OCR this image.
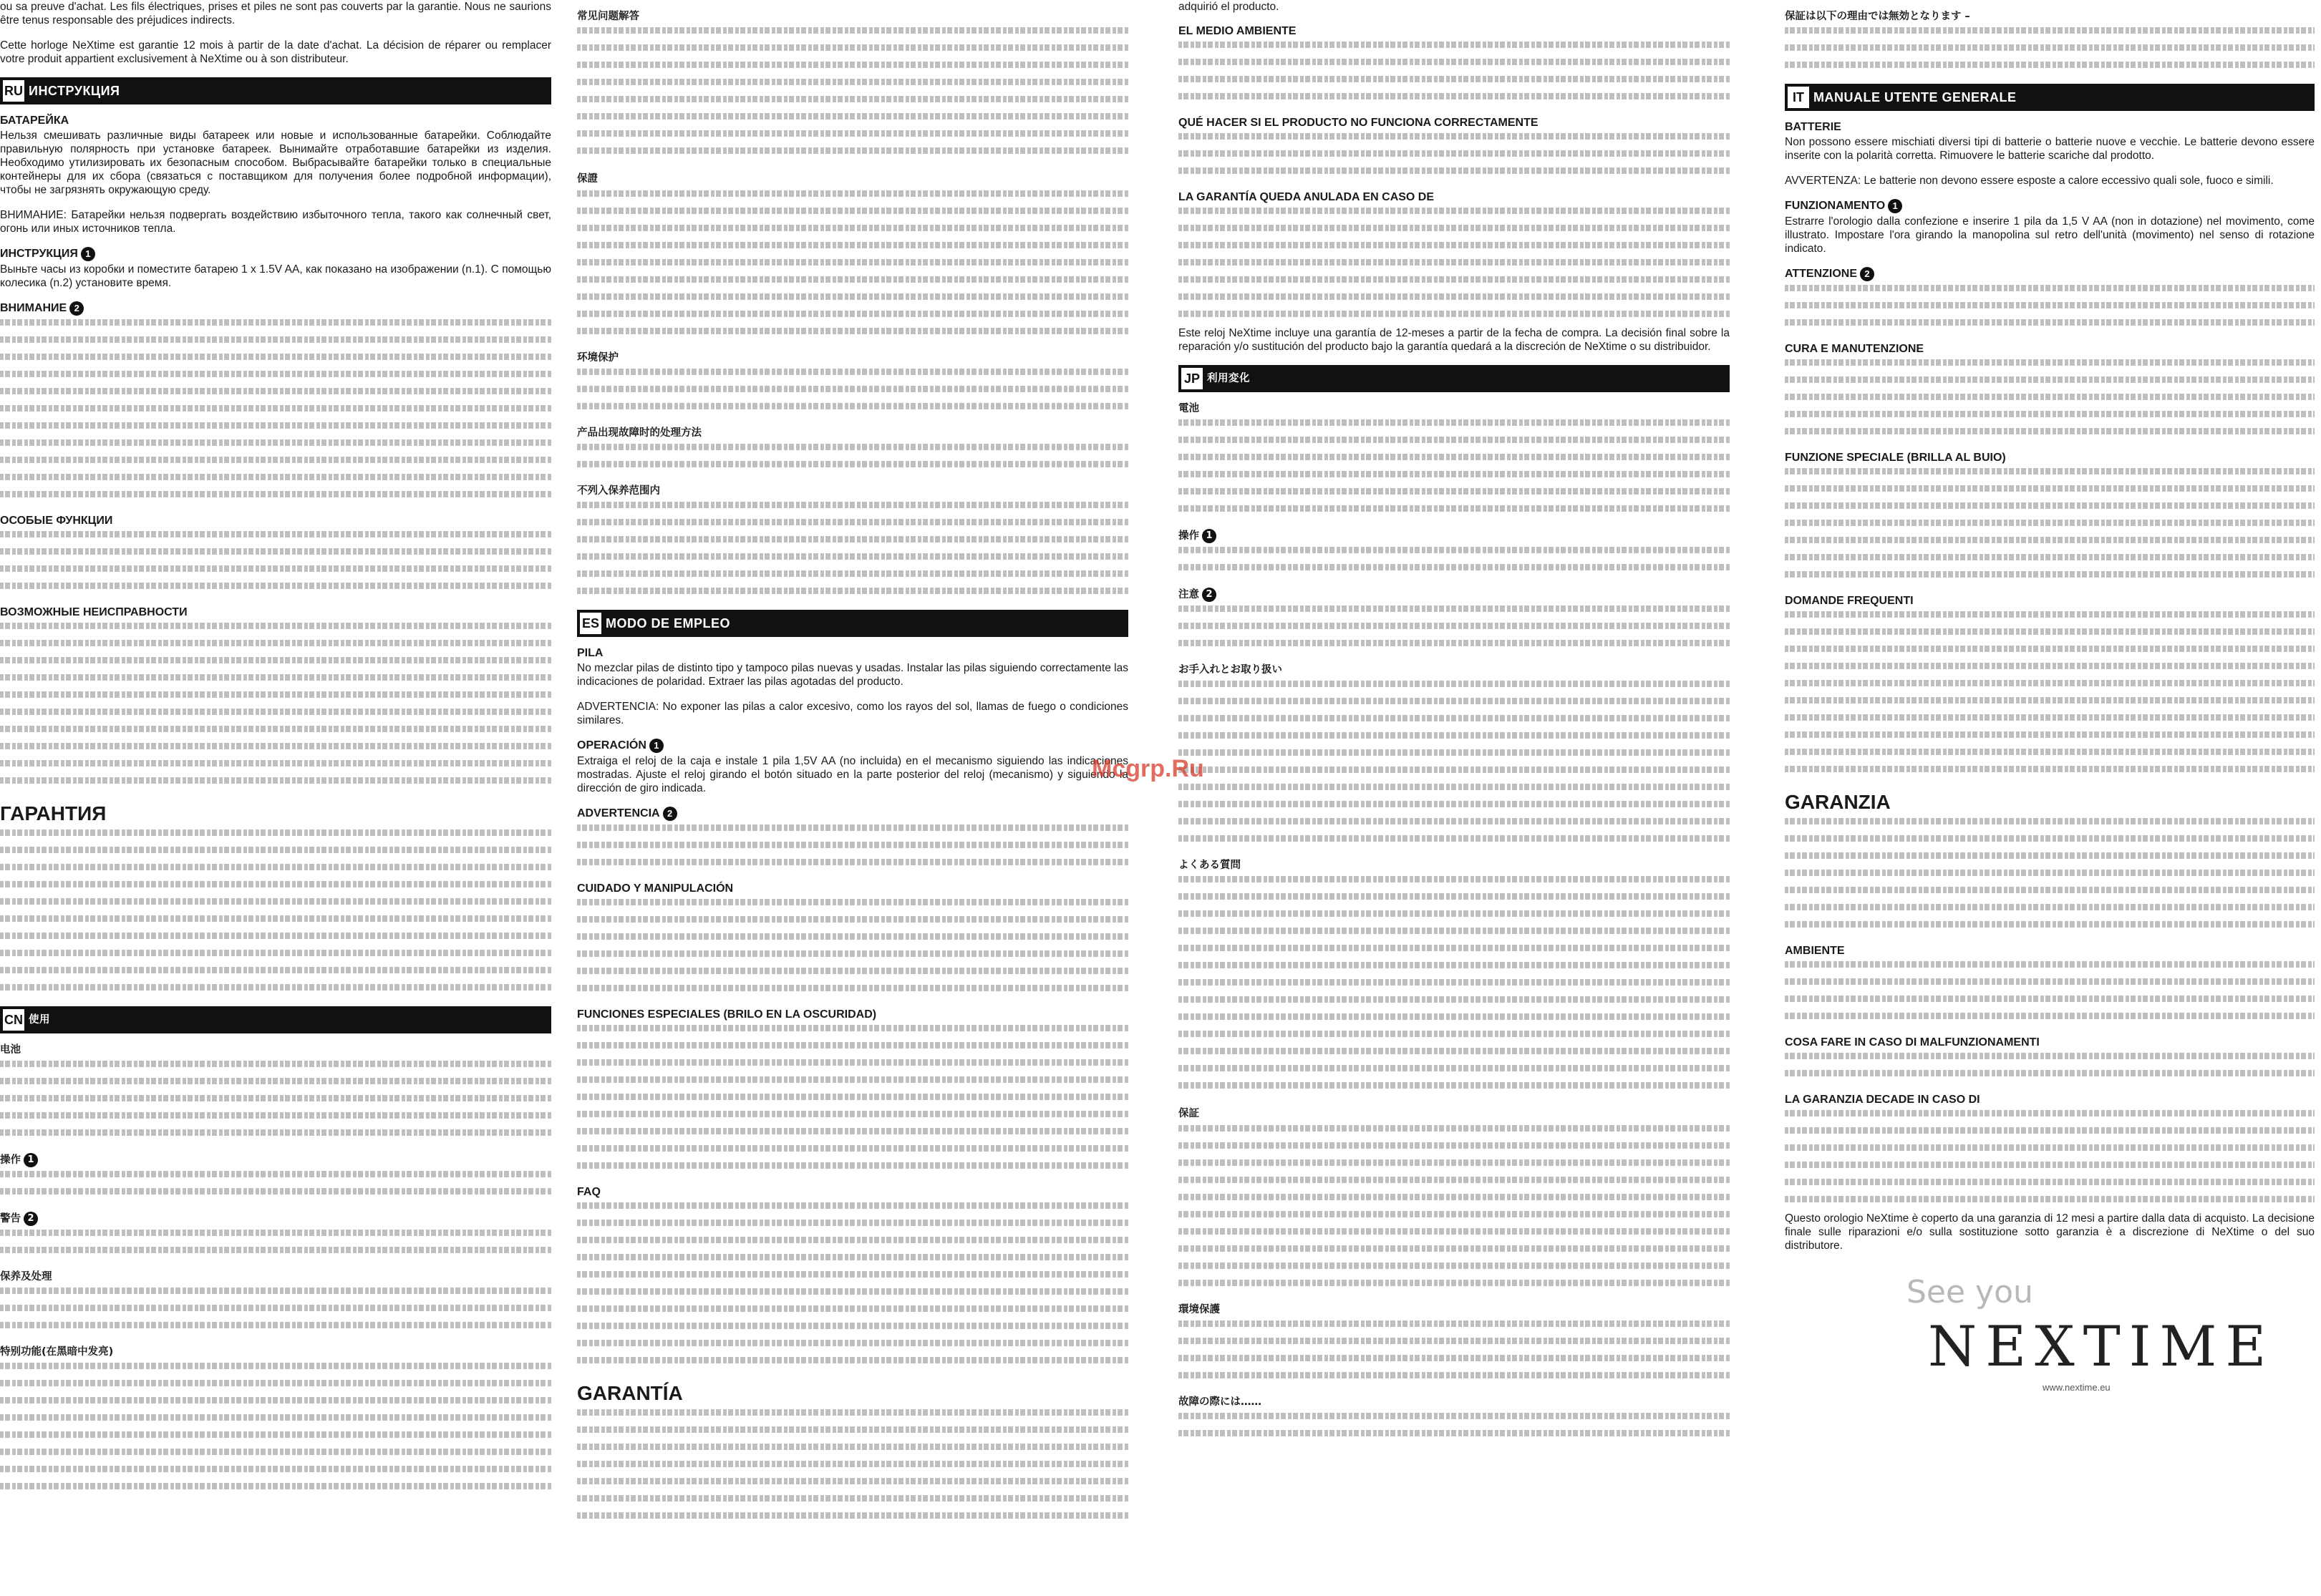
ou sa preuve d'achat. Les fils électriques, prises et piles ne sont pas couverts par la garantie. Nous ne saurions être tenus responsable des préjudices indirects.

Cette horloge NeXtime est garantie 12 mois à partir de la date d'achat. La décision de réparer ou remplacer votre produit appartient exclusivement à NeXtime ou à son distributeur.

RU ИНСТРУКЦИЯ
БАТАРЕЙКА

Нельзя смешивать различные виды батареек или новые и использованные батарейки. Соблюдайте правильную полярность при установке батареек. Вынимайте отработавшие батарейки из изделия. Необходимо утилизировать их безопасным способом. Выбрасывайте батарейки только в специальные контейнеры для их сбора (связаться с поставщиком для получения более подробной информации), чтобы не загрязнять окружающую среду.

ВНИМАНИЕ: Батарейки нельзя подвергать воздействию избыточного тепла, такого как солнечный свет, огонь или иных источников тепла.

ИНСТРУКЦИЯ 1

Выньте часы из коробки и поместите батарею 1 x 1.5V AA, как показано на изображении (n.1). С помощью колесика (n.2) установите время.

ВНИМАНИЕ 2
ОСОБЫЕ ФУНКЦИИ
ВОЗМОЖНЫЕ НЕИСПРАВНОСТИ
ГАРАНТИЯ
CN 使用
电池
操作 1
警告 2
保养及处理
特别功能(在黑暗中发亮)
常见问题解答
保證
环境保护
产品出现故障时的处理方法
不列入保养范围内
ES MODO DE EMPLEO
PILA

No mezclar pilas de distinto tipo y tampoco pilas nuevas y usadas. Instalar las pilas siguiendo correctamente las indicaciones de polaridad. Extraer las pilas agotadas del producto.

ADVERTENCIA: No exponer las pilas a calor excesivo, como los rayos del sol, llamas de fuego o condiciones similares.

OPERACIÓN 1

Extraiga el reloj de la caja e instale 1 pila 1,5V AA (no incluida) en el mecanismo siguiendo las indicaciones mostradas. Ajuste el reloj girando el botón situado en la parte posterior del reloj (mecanismo) y siguiendo la dirección de giro indicada.

ADVERTENCIA 2
CUIDADO Y MANIPULACIÓN
FUNCIONES ESPECIALES (BRILO EN LA OSCURIDAD)
FAQ
GARANTÍA

adquirió el producto.

EL MEDIO AMBIENTE
QUÉ HACER SI EL PRODUCTO NO FUNCIONA CORRECTAMENTE
LA GARANTÍA QUEDA ANULADA EN CASO DE

Este reloj NeXtime incluye una garantía de 12-meses a partir de la fecha de compra. La decisión final sobre la reparación y/o sustitución del producto bajo la garantía quedará a la discreción de NeXtime o su distribuidor.

JP 利用変化
電池
操作 1
注意 2
お手入れとお取り扱い
よくある質問
保証
環境保護
故障の際には……
保証は以下の理由では無効となります –
IT MANUALE UTENTE GENERALE
BATTERIE

Non possono essere mischiati diversi tipi di batterie o batterie nuove e vecchie. Le batterie devono essere inserite con la polarità corretta. Rimuovere le batterie scariche dal prodotto.

AVVERTENZA: Le batterie non devono essere esposte a calore eccessivo quali sole, fuoco e simili.

FUNZIONAMENTO 1

Estrarre l'orologio dalla confezione e inserire 1 pila da 1,5 V AA (non in dotazione) nel movimento, come illustrato. Impostare l'ora girando la manopolina sul retro dell'unità (movimento) nel senso di rotazione indicato.

ATTENZIONE 2
CURA E MANUTENZIONE
FUNZIONE SPECIALE (BRILLA AL BUIO)
DOMANDE FREQUENTI
GARANZIA
AMBIENTE
COSA FARE IN CASO DI MALFUNZIONAMENTI
LA GARANZIA DECADE IN CASO DI

Questo orologio NeXtime è coperto da una garanzia di 12 mesi a partire dalla data di acquisto. La decisione finale sulle riparazioni e/o sulla sostituzione sotto garanzia è a discrezione di NeXtime o del suo distributore.

See you
NEXTIME
www.nextime.eu
Mcgrp.Ru
